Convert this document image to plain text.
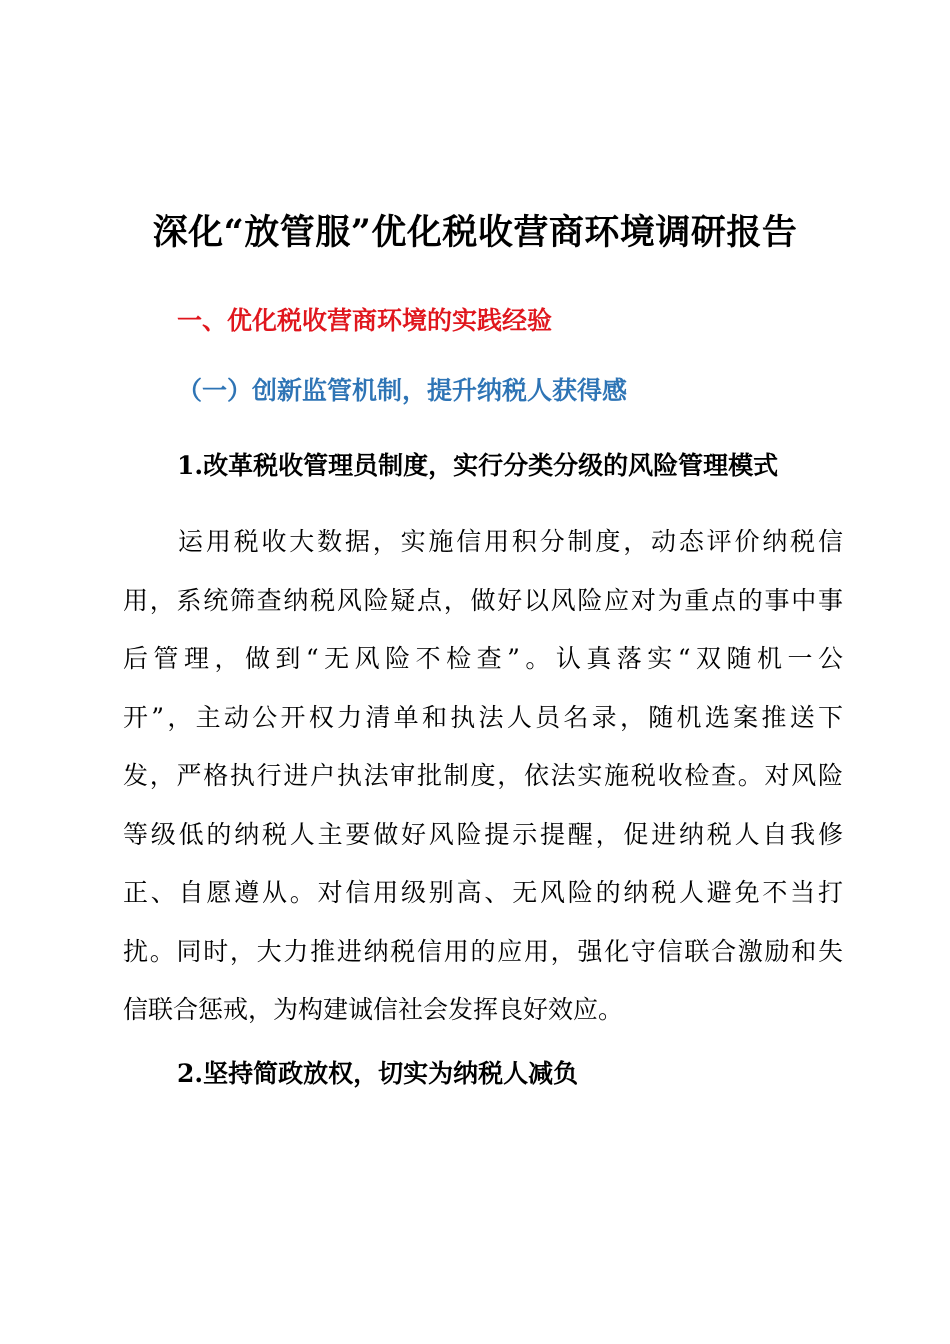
深化“放管服”优化税收营商环境调研报告
一、优化税收营商环境的实践经验
（一）创新监管机制，提升纳税人获得感
1.改革税收管理员制度，实行分类分级的风险管理模式
运用税收大数据，实施信用积分制度，动态评价纳税信
用，系统筛查纳税风险疑点，做好以风险应对为重点的事中事
后管理，做到“无风险不检查”。认真落实“双随机一公
开”，主动公开权力清单和执法人员名录，随机选案推送下
发，严格执行进户执法审批制度，依法实施税收检查。对风险
等级低的纳税人主要做好风险提示提醒，促进纳税人自我修
正、自愿遵从。对信用级别高、无风险的纳税人避免不当打
扰。同时，大力推进纳税信用的应用，强化守信联合激励和失
信联合惩戒，为构建诚信社会发挥良好效应。
2.坚持简政放权，切实为纳税人减负
